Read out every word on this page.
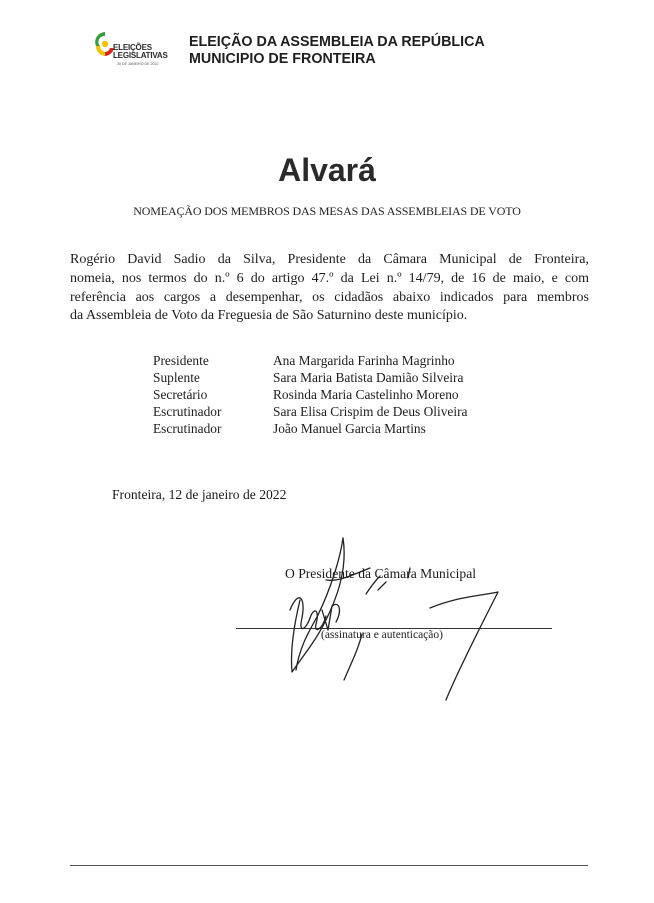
ELEIÇÕES
LEGISLATIVAS
30 DE JANEIRO DE 2022
ELEIÇÃO DA ASSEMBLEIA DA REPÚBLICA
MUNICIPIO DE FRONTEIRA
Alvará
NOMEAÇÃO DOS MEMBROS DAS MESAS DAS ASSEMBLEIAS DE VOTO
Rogério David Sadio da Silva, Presidente da Câmara Municipal de Fronteira,
nomeia, nos termos do n.º 6 do artigo 47.º da Lei n.º 14/79, de 16 de maio, e com
referência aos cargos a desempenhar, os cidadãos abaixo indicados para membros
da Assembleia de Voto da Freguesia de São Saturnino deste município.
Presidente	Ana Margarida Farinha Magrinho
Suplente	Sara Maria Batista Damião Silveira
Secretário	Rosinda Maria Castelinho Moreno
Escrutinador	Sara Elisa Crispim de Deus Oliveira
Escrutinador	João Manuel Garcia Martins
Fronteira, 12 de janeiro de 2022
O Presidente da Câmara Municipal
(assinatura e autenticação)
